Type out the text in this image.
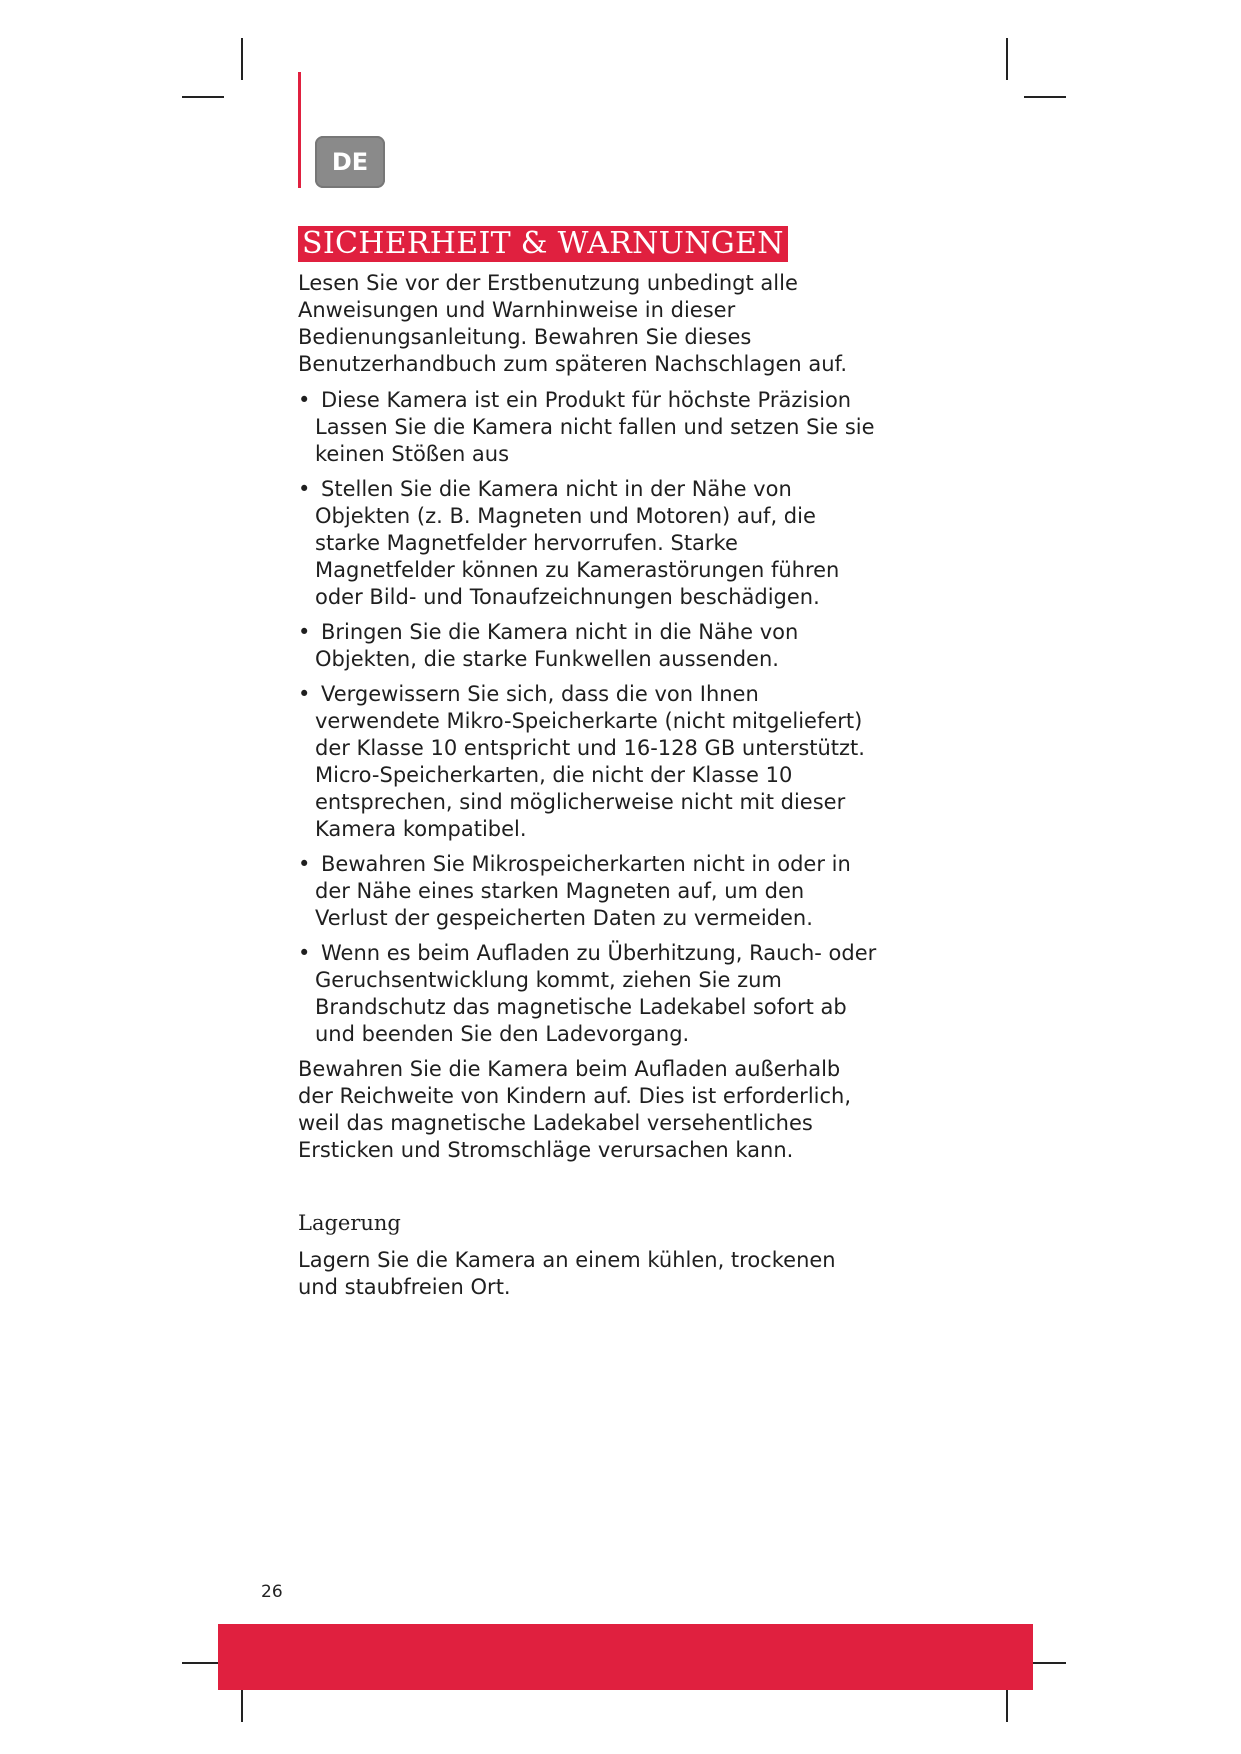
DE
SICHERHEIT & WARNUNGEN

Lesen Sie vor der Erstbenutzung unbedingt alle Anweisungen und Warnhinweise in dieser Bedienungsanleitung. Bewahren Sie dieses Benutzerhandbuch zum späteren Nachschlagen auf.

• Diese Kamera ist ein Produkt für höchste Präzision Lassen Sie die Kamera nicht fallen und setzen Sie sie keinen Stößen aus
• Stellen Sie die Kamera nicht in der Nähe von Objekten (z. B. Magneten und Motoren) auf, die starke Magnetfelder hervorrufen. Starke Magnetfelder können zu Kamerastörungen führen oder Bild- und Tonaufzeichnungen beschädigen.
• Bringen Sie die Kamera nicht in die Nähe von Objekten, die starke Funkwellen aussenden.
• Vergewissern Sie sich, dass die von Ihnen verwendete Mikro-Speicherkarte (nicht mitgeliefert) der Klasse 10 entspricht und 16-128 GB unterstützt. Micro-Speicherkarten, die nicht der Klasse 10 entsprechen, sind möglicherweise nicht mit dieser Kamera kompatibel.
• Bewahren Sie Mikrospeicherkarten nicht in oder in der Nähe eines starken Magneten auf, um den Verlust der gespeicherten Daten zu vermeiden.
• Wenn es beim Aufladen zu Überhitzung, Rauch- oder Geruchsentwicklung kommt, ziehen Sie zum Brandschutz das magnetische Ladekabel sofort ab und beenden Sie den Ladevorgang.

Bewahren Sie die Kamera beim Aufladen außerhalb der Reichweite von Kindern auf. Dies ist erforderlich, weil das magnetische Ladekabel versehentliches Ersticken und Stromschläge verursachen kann.

Lagerung

Lagern Sie die Kamera an einem kühlen, trockenen und staubfreien Ort.

26
